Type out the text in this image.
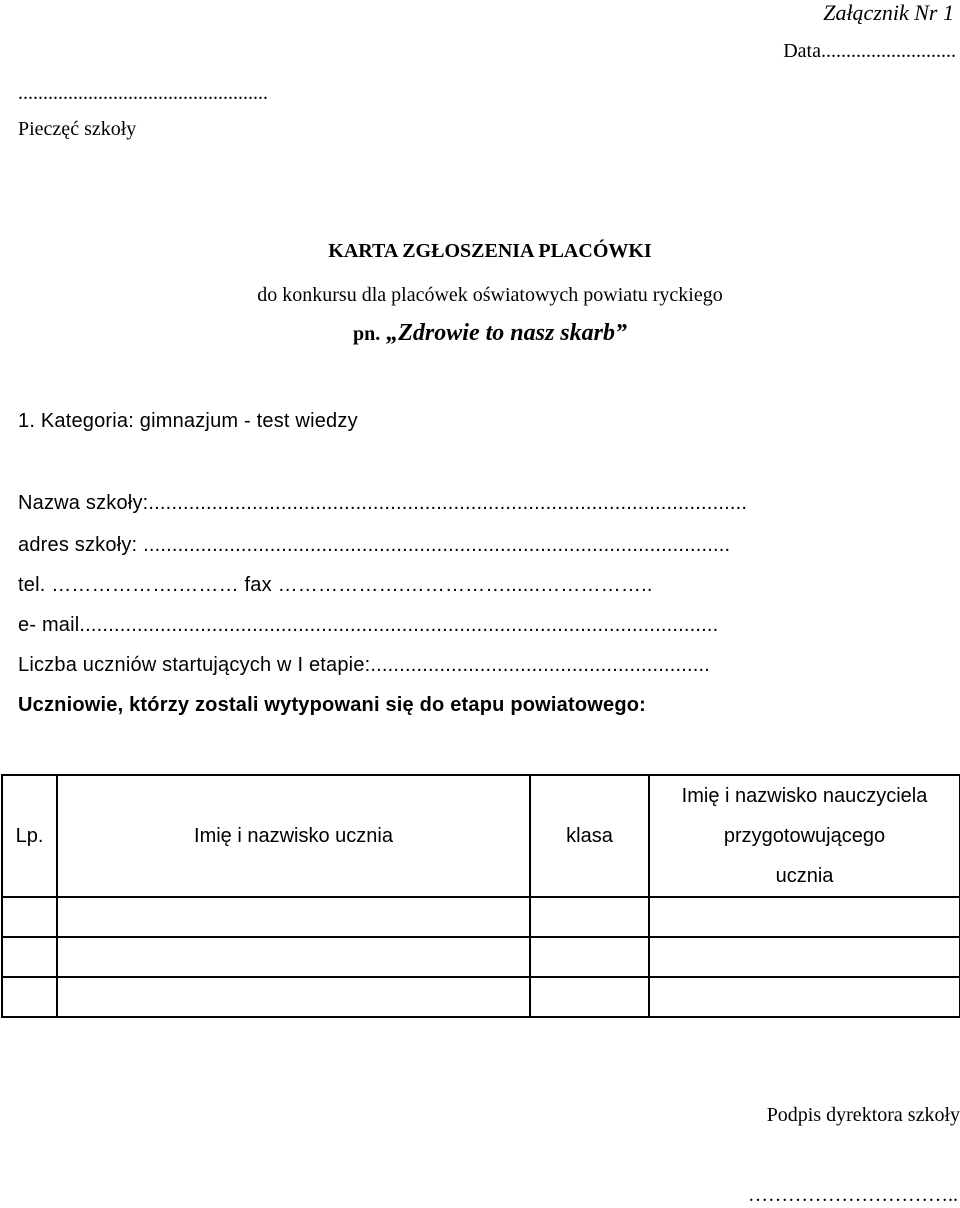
Załącznik Nr 1
Data...........................
..................................................
Pieczęć szkoły
KARTA ZGŁOSZENIA PLACÓWKI
do konkursu dla placówek oświatowych powiatu ryckiego
pn. „Zdrowie to nasz skarb”
1. Kategoria: gimnazjum - test wiedzy
Nazwa szkoły:........................................................................................................
adres szkoły: ......................................................................................................
tel. ……………….……… fax ……………….……………......……………..
e- mail...............................................................................................................
Liczba uczniów startujących w I etapie:...........................................................
Uczniowie, którzy zostali wytypowani się do etapu powiatowego:
Lp.	Imię i nazwisko ucznia	klasa	Imię i nazwisko nauczyciela
przygotowującego
ucznia

Podpis dyrektora szkoły
…………………………..
